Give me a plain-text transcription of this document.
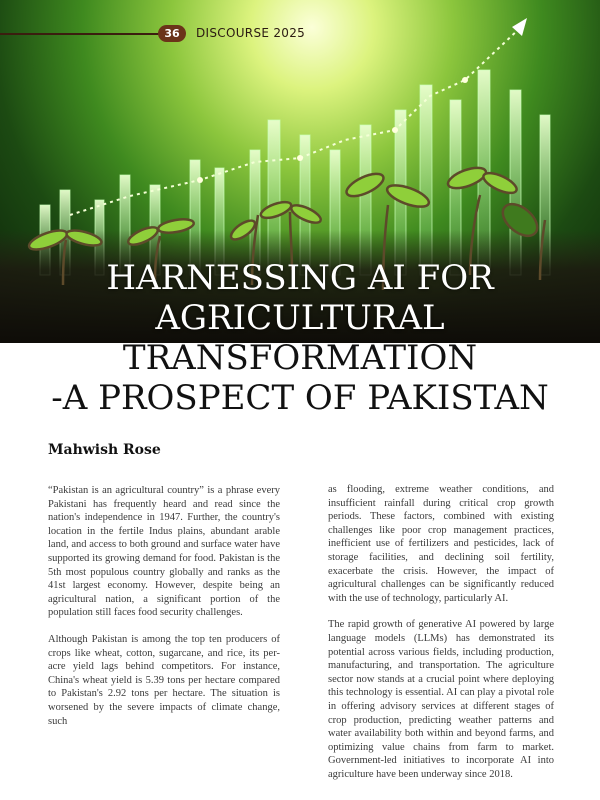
36	DISCOURSE 2025
HARNESSING AI FOR
AGRICULTURAL
TRANSFORMATION
-A PROSPECT OF PAKISTAN
Mahwish Rose

“Pakistan is an agricultural country” is a phrase every Pakistani has frequently heard and read since the nation's independence in 1947. Further, the country's location in the fertile Indus plains, abundant arable land, and access to both ground and surface water have supported its growing demand for food. Pakistan is the 5th most populous country globally and ranks as the 41st largest economy. However, despite being an agricultural nation, a significant portion of the population still faces food security challenges.

Although Pakistan is among the top ten producers of crops like wheat, cotton, sugarcane, and rice, its per-acre yield lags behind competitors. For instance, China's wheat yield is 5.39 tons per hectare compared to Pakistan's 2.92 tons per hectare. The situation is worsened by the severe impacts of climate change, such

as flooding, extreme weather conditions, and insufficient rainfall during critical crop growth periods. These factors, combined with existing challenges like poor crop management practices, inefficient use of fertilizers and pesticides, lack of storage facilities, and declining soil fertility, exacerbate the crisis. However, the impact of agricultural challenges can be significantly reduced with the use of technology, particularly AI.

The rapid growth of generative AI powered by large language models (LLMs) has demonstrated its potential across various fields, including production, manufacturing, and transportation. The agriculture sector now stands at a crucial point where deploying this technology is essential. AI can play a pivotal role in offering advisory services at different stages of crop production, predicting weather patterns and water availability both within and beyond farms, and optimizing value chains from farm to market. Government-led initiatives to incorporate AI into agriculture have been underway since 2018.
